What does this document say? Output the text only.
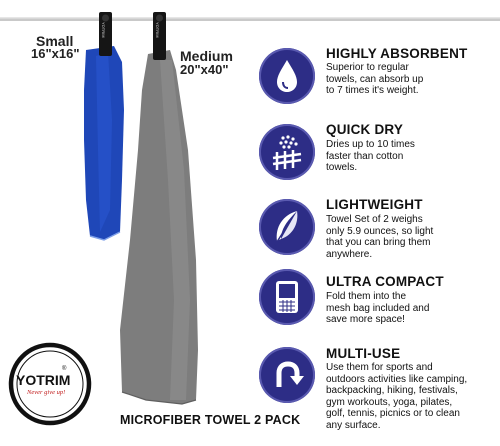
YOTRIM	YOTRIM
Small
16"x16"	Medium
20"x40"
HIGHLY ABSORBENT
Superior to regular
towels, can absorb up
to 7 times it's weight.
QUICK DRY
Dries up to 10 times
faster than cotton
towels.
LIGHTWEIGHT
Towel Set of 2 weighs
only 5.9 ounces, so light
that you can bring them
anywhere.
ULTRA COMPACT
Fold them into the
mesh bag included and
save more space!
MULTI-USE
Use them for sports and
outdoors activities like camping,
backpacking, hiking, festivals,
gym workouts, yoga, pilates,
golf, tennis, picnics or to clean
any surface.
YOTRIM
®
Never give up!
MICROFIBER TOWEL 2 PACK
